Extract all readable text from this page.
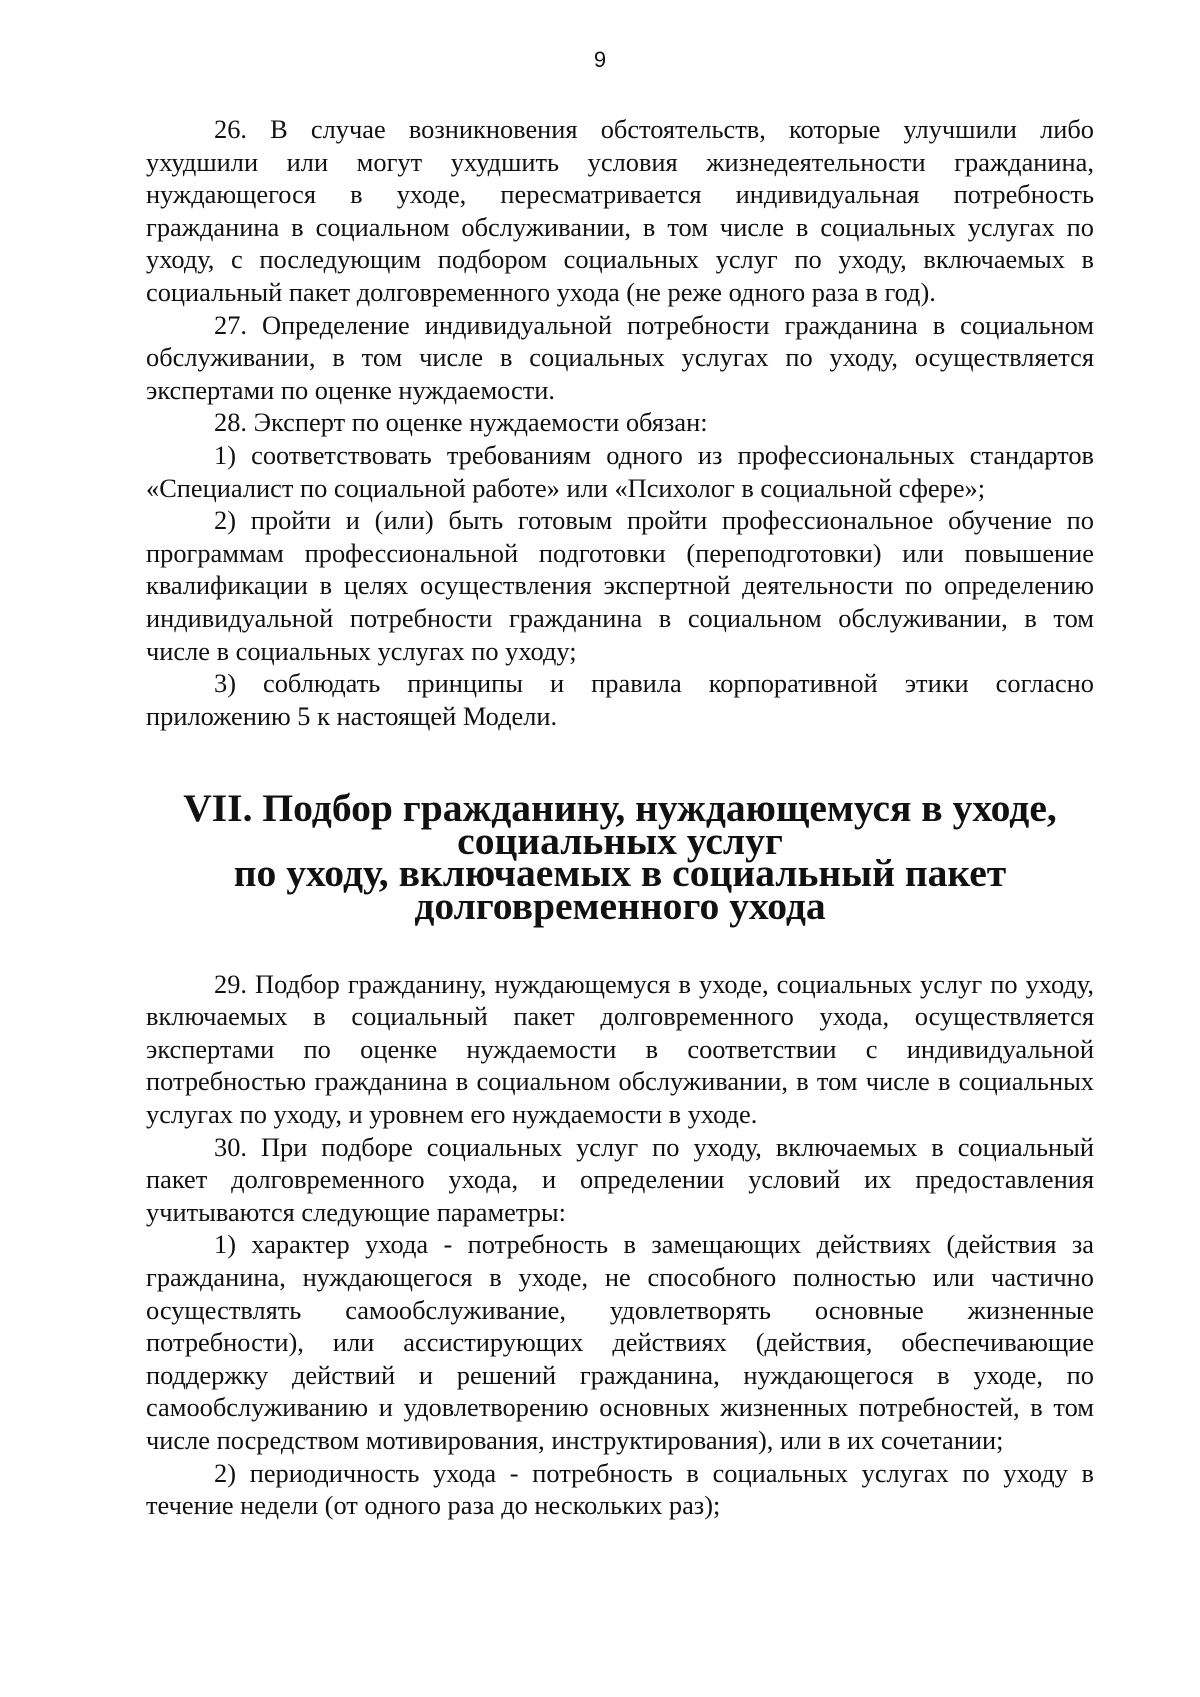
9

26. В случае возникновения обстоятельств, которые улучшили либо ухудшили или могут ухудшить условия жизнедеятельности гражданина, нуждающегося в уходе, пересматривается индивидуальная потребность гражданина в социальном обслуживании, в том числе в социальных услугах по уходу, с последующим подбором социальных услуг по уходу, включаемых в социальный пакет долговременного ухода (не реже одного раза в год).

27. Определение индивидуальной потребности гражданина в социальном обслуживании, в том числе в социальных услугах по уходу, осуществляется экспертами по оценке нуждаемости.

28. Эксперт по оценке нуждаемости обязан:

1) соответствовать требованиям одного из профессиональных стандартов «Специалист по социальной работе» или «Психолог в социальной сфере»;

2) пройти и (или) быть готовым пройти профессиональное обучение по программам профессиональной подготовки (переподготовки) или повышение квалификации в целях осуществления экспертной деятельности по определению индивидуальной потребности гражданина в социальном обслуживании, в том числе в социальных услугах по уходу;

3) соблюдать принципы и правила корпоративной этики согласно приложению 5 к настоящей Модели.

VII. Подбор гражданину, нуждающемуся в уходе, социальных услуг
по уходу, включаемых в социальный пакет долговременного ухода

29. Подбор гражданину, нуждающемуся в уходе, социальных услуг по уходу, включаемых в социальный пакет долговременного ухода, осуществляется экспертами по оценке нуждаемости в соответствии с индивидуальной потребностью гражданина в социальном обслуживании, в том числе в социальных услугах по уходу, и уровнем его нуждаемости в уходе.

30. При подборе социальных услуг по уходу, включаемых в социальный пакет долговременного ухода, и определении условий их предоставления учитываются следующие параметры:

1) характер ухода - потребность в замещающих действиях (действия за гражданина, нуждающегося в уходе, не способного полностью или частично осуществлять самообслуживание, удовлетворять основные жизненные потребности), или ассистирующих действиях (действия, обеспечивающие поддержку действий и решений гражданина, нуждающегося в уходе, по самообслуживанию и удовлетворению основных жизненных потребностей, в том числе посредством мотивирования, инструктирования), или в их сочетании;

2) периодичность ухода - потребность в социальных услугах по уходу в течение недели (от одного раза до нескольких раз);
